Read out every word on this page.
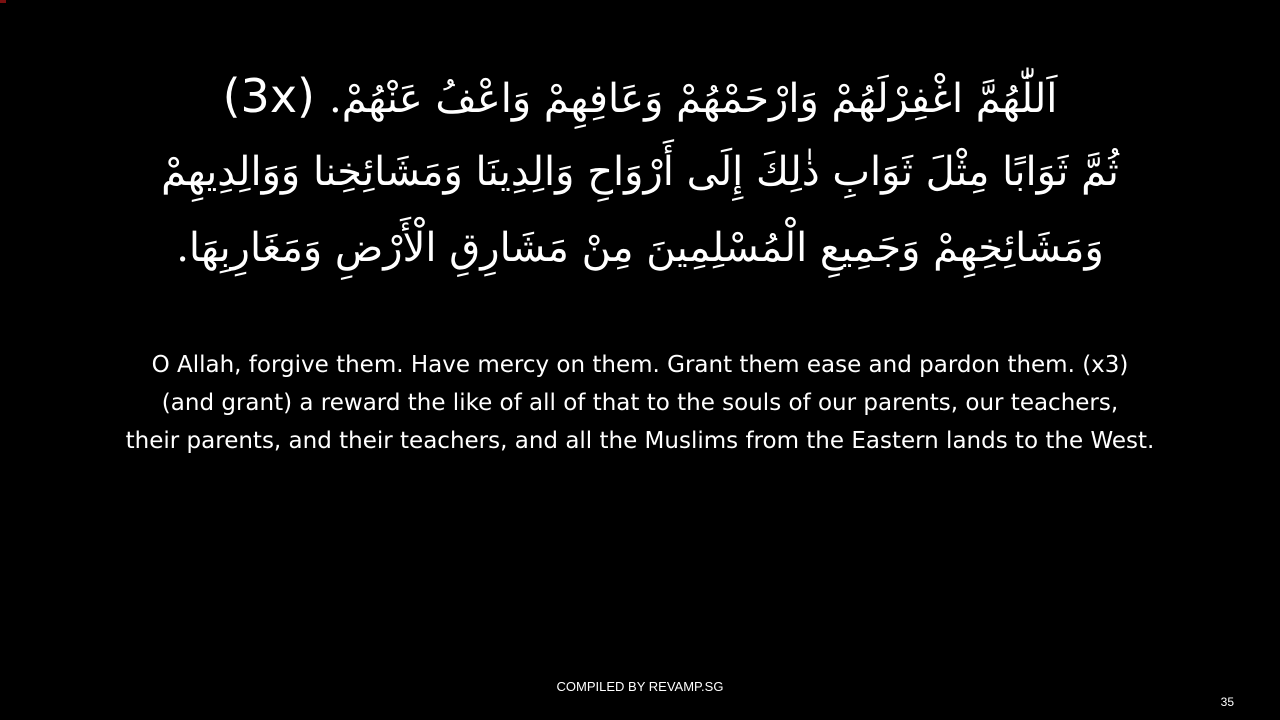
(3x) اَللّٰهُمَّ اغْفِرْلَهُمْ وَارْحَمْهُمْ وَعَافِهِمْ وَاعْفُ عَنْهُمْ.
ثُمَّ ثَوَابًا مِثْلَ ثَوَابِ ذٰلِكَ إِلَى أَرْوَاحِ وَالِدِينَا وَمَشَائِخِنا وَوَالِدِيهِمْ
وَمَشَائِخِهِمْ وَجَمِيعِ الْمُسْلِمِينَ مِنْ مَشَارِقِ الْأَرْضِ وَمَغَارِبِهَا.
O Allah, forgive them. Have mercy on them. Grant them ease and pardon them. (x3)
(and grant) a reward the like of all of that to the souls of our parents, our teachers,
their parents, and their teachers, and all the Muslims from the Eastern lands to the West.
COMPILED BY REVAMP.SG
35
